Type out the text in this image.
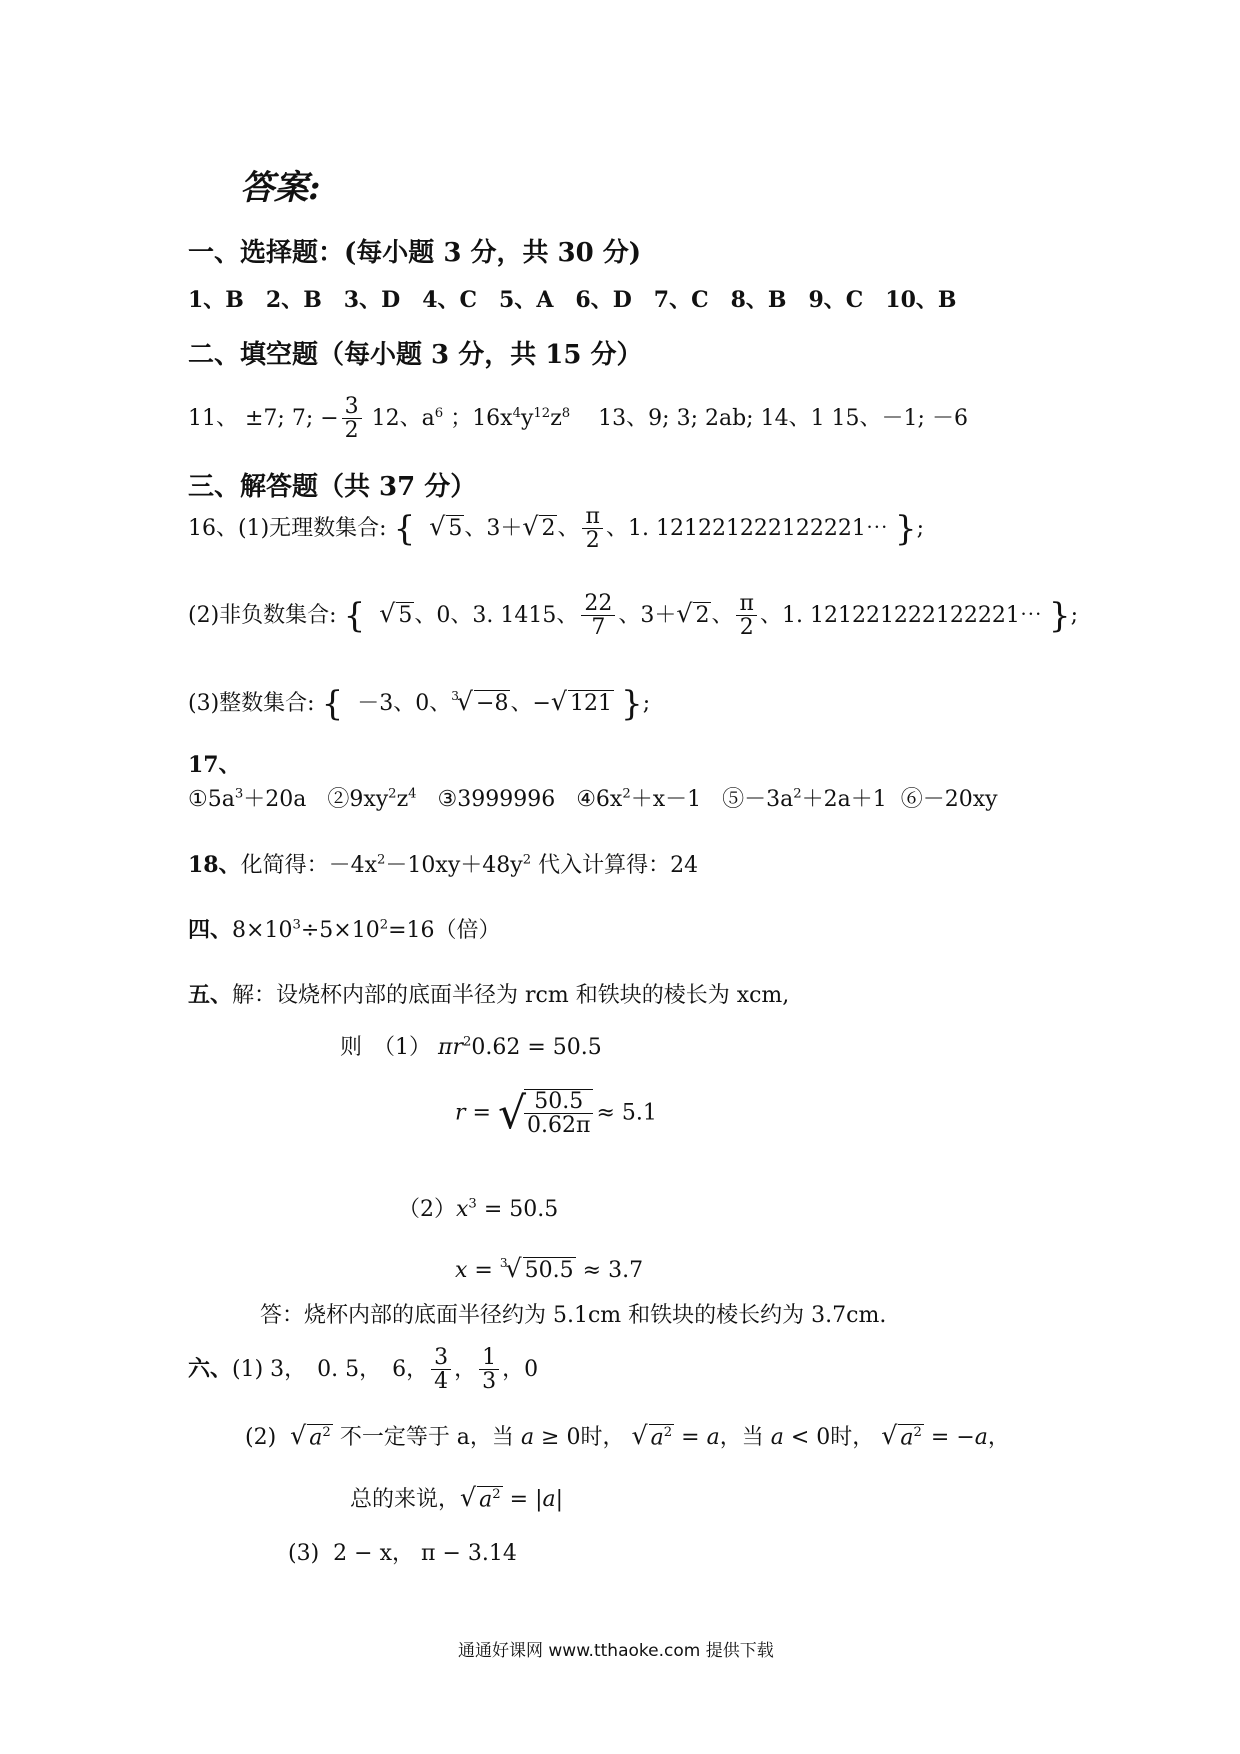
答案:
一、选择题：(每小题 3 分，共 30 分)
1、B　2、B　3、D　4、C　5、A　6、D　7、C　8、B　9、C　10、B
二、填空题（每小题 3 分，共 15 分）
11、 ±7; 7; − $\frac{3}{2} 12$、$a^6$ ；$16x^4y^{12}z^8$ 13、9; 3; 2ab; 14、1 15、－1; －6
三、解答题（共 37 分）
16、(1)无理数集合: { √ 5、3＋√ 2、 $\frac{\pi}{2}$ 、1. 121221222122221⋯ };
(2)非负数集合: { √ 5、0、3. 1415、 $\frac{22}{7}$ 、3＋√ 2、 $\frac{\pi}{2}$ 、1. 121221222122221⋯ };
(3)整数集合: { －3、0、$^3$√ −8、−√ 121 };
17、
$①5a^3+20a$   $②9xy^2z^4$   ③3999996   $④6x^2+x-1$   $⑤-3a^2+2a+1$  ⑥－20xy
18、化简得：$-4x^2-10xy+48y^2$ 代入计算得：24
四、$8\times 10^3\div 5\times 10^2=16$（倍）
五、解：设烧杯内部的底面半径为 rcm 和铁块的棱长为 xcm,
则　（1） $\pi r^20.62 = 50.5$
r = √
$\frac{50.5}{0.62\pi} \approx 5.1$
$(2)x^3 = 50.5$
x = $^3$√ 50.5 ≈ 3.7
答：烧杯内部的底面半径约为 5.1cm 和铁块的棱长约为 3.7cm.
六、(1) 3，　0. 5，　6， $\frac{3}{4}$ ， $\frac{1}{3}$ ，0
(2) √ $a^2$ 不一定等于 a，当 a ≥ 0时， √ $a^2 = a$，当 a < 0时， √ $a^2 = -a$，
总的来说，√ $a^2 = |a|$
(3) 2 − x， π − 3.14
通通好课网 www.tthaoke.com 提供下载
